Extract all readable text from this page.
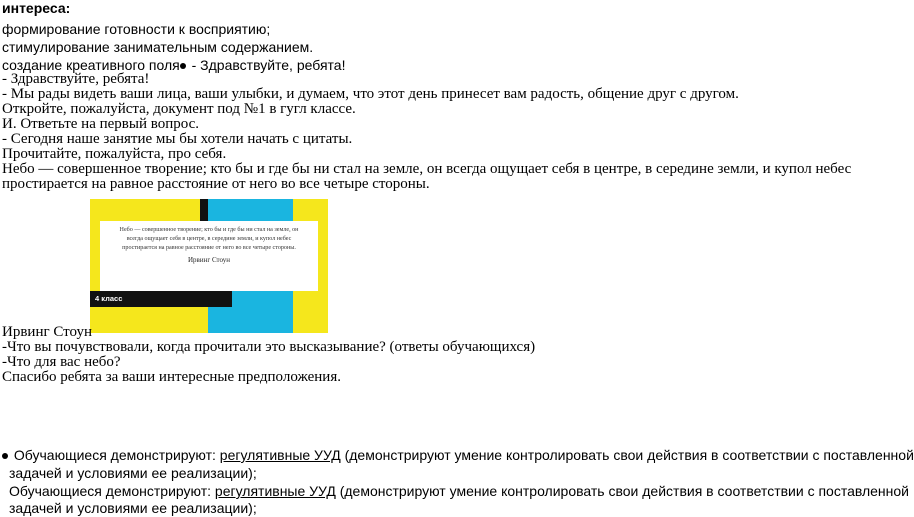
интереса:
формирование готовности к восприятию;
стимулирование занимательным содержанием.
создание креативного поля - Здравствуйте, ребята!
- Здравствуйте, ребята!
- Мы рады видеть ваши лица, ваши улыбки, и думаем, что этот день принесет вам радость, общение друг с другом.
Откройте, пожалуйста, документ под №1 в гугл классе.
И. Ответьте на первый вопрос.
- Сегодня наше занятие мы бы хотели начать с цитаты.
Прочитайте, пожалуйста, про себя.
Небо — совершенное творение; кто бы и где бы ни стал на земле, он всегда ощущает себя в центре, в середине земли, и купол небес
простирается на равное расстояние от него во все четыре стороны.
Небо — совершенное творение; кто бы и где бы ни стал на земле, он всегда ощущает себя в центре, в середине земли, и купол небес простирается на равное расстояние от него во все четыре стороны.
Ирвинг Стоун
4 класс
Ирвинг Стоун
-Что вы почувствовали, когда прочитали это высказывание? (ответы обучающихся)
-Что для вас небо?
Спасибо ребята за ваши интересные предположения.
Обучающиеся демонстрируют: регулятивные УУД (демонстрируют умение контролировать свои действия в соответствии с поставленной
задачей и условиями ее реализации);
Обучающиеся демонстрируют: регулятивные УУД (демонстрируют умение контролировать свои действия в соответствии с поставленной
задачей и условиями ее реализации);
